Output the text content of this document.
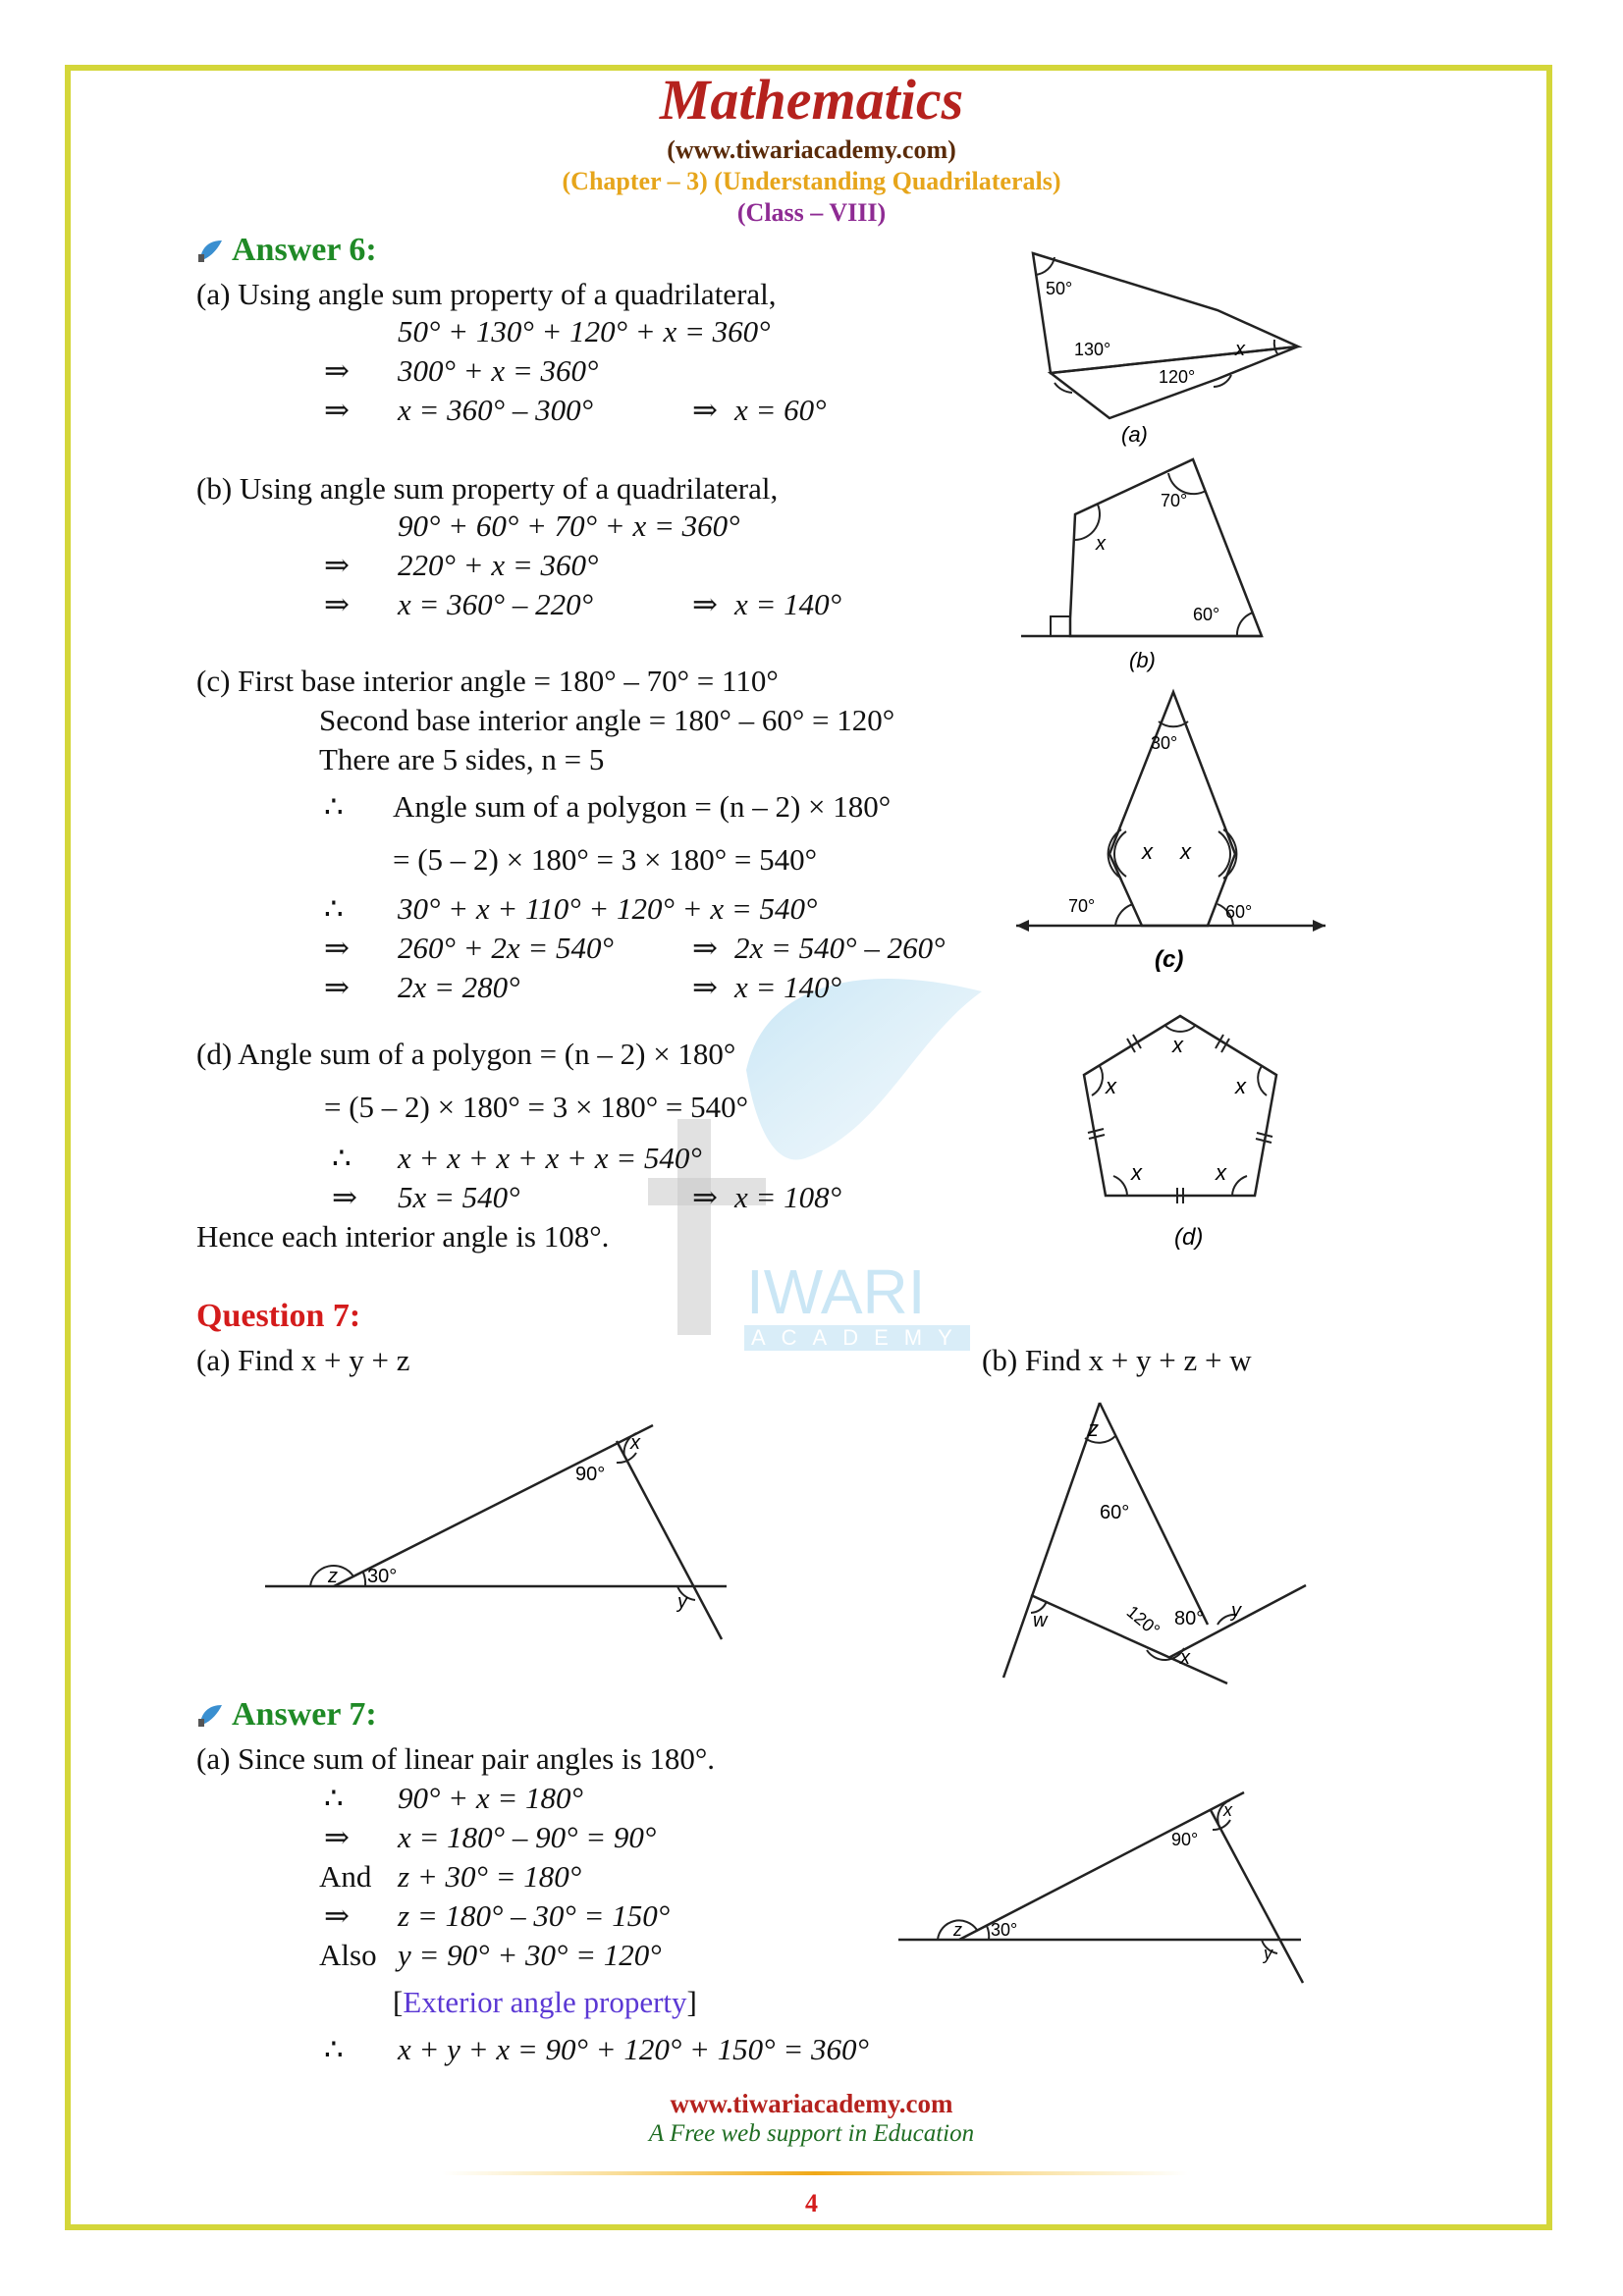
IWARI
ACADEMY
Mathematics
(www.tiwariacademy.com)
(Chapter – 3) (Understanding Quadrilaterals)
(Class – VIII)
Answer 6:
(a) Using angle sum property of a quadrilateral,
50° + 130° + 120° + x = 360°
⇒ 300° + x = 360°
⇒ x = 360° – 300°	⇒ x = 60°
(b) Using angle sum property of a quadrilateral,
90° + 60° + 70° + x = 360°
⇒ 220° + x = 360°
⇒ x = 360° – 220°	⇒ x = 140°
(c) First base interior angle = 180° – 70° = 110°
Second base interior angle = 180° – 60° = 120°
There are 5 sides, n = 5
∴ Angle sum of a polygon = (n – 2) × 180°
= (5 – 2) × 180° = 3 × 180° = 540°
∴ 30° + x + 110° + 120° + x = 540°
⇒ 260° + 2x = 540°	⇒ 2x = 540° – 260°
⇒ 2x = 280°	⇒ x = 140°
(d) Angle sum of a polygon = (n – 2) × 180°
= (5 – 2) × 180° = 3 × 180° = 540°
∴ x + x + x + x + x = 540°
⇒ 5x = 540°	⇒ x = 108°
Hence each interior angle is 108°.
50°
130°
120°
x
(a)
70°
x
60°
(b)
30°
x x
70°	60°
(c)
x
x
x
x
x
(d)
Question 7:
(a) Find x + y + z	(b) Find x + y + z + w
90°
x
z 30°
y
z
60°
80° y
120°
w
x
Answer 7:
(a) Since sum of linear pair angles is 180°.
∴ 90° + x = 180°
⇒ x = 180° – 90° = 90°
And z + 30° = 180°
⇒ z = 180° – 30° = 150°
Also y = 90° + 30° = 120°
[Exterior angle property]
∴ x + y + x = 90° + 120° + 150° = 360°
90°
x
z 30°
y
www.tiwariacademy.com
A Free web support in Education
4
